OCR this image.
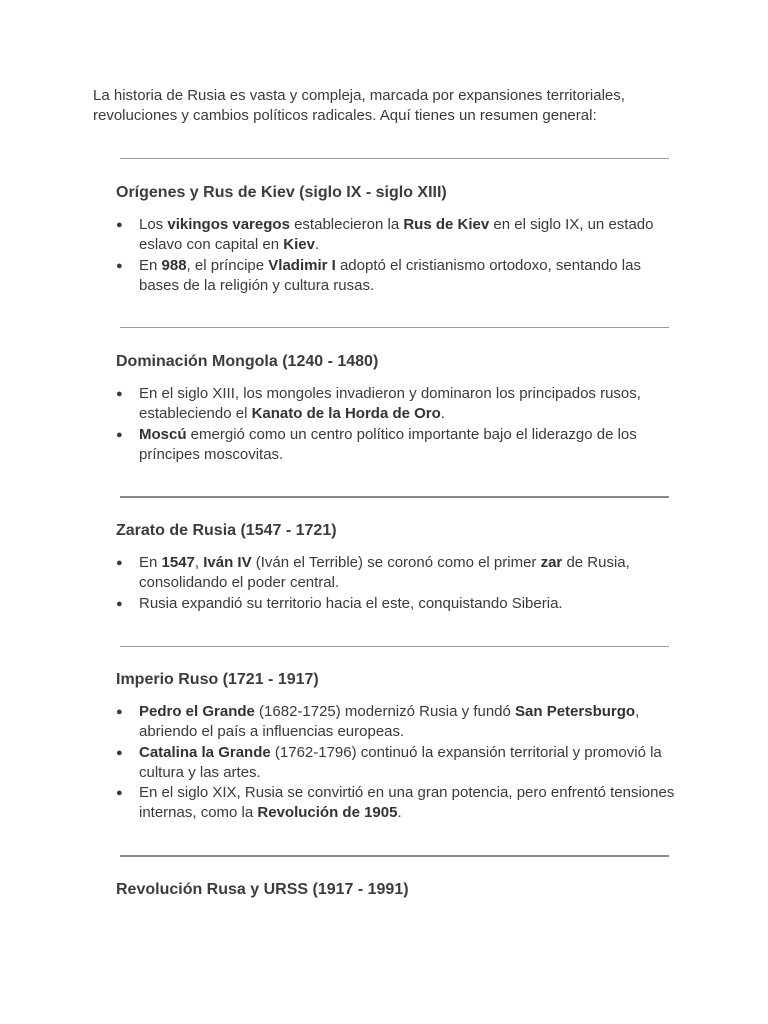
La historia de Rusia es vasta y compleja, marcada por expansiones territoriales, revoluciones y cambios políticos radicales. Aquí tienes un resumen general:

Orígenes y Rus de Kiev (siglo IX - siglo XIII)
● Los vikingos varegos establecieron la Rus de Kiev en el siglo IX, un estado eslavo con capital en Kiev.
● En 988, el príncipe Vladimir I adoptó el cristianismo ortodoxo, sentando las bases de la religión y cultura rusas.
Dominación Mongola (1240 - 1480)
● En el siglo XIII, los mongoles invadieron y dominaron los principados rusos, estableciendo el Kanato de la Horda de Oro.
● Moscú emergió como un centro político importante bajo el liderazgo de los príncipes moscovitas.
Zarato de Rusia (1547 - 1721)
● En 1547, Iván IV (Iván el Terrible) se coronó como el primer zar de Rusia, consolidando el poder central.
● Rusia expandió su territorio hacia el este, conquistando Siberia.
Imperio Ruso (1721 - 1917)
● Pedro el Grande (1682-1725) modernizó Rusia y fundó San Petersburgo, abriendo el país a influencias europeas.
● Catalina la Grande (1762-1796) continuó la expansión territorial y promovió la cultura y las artes.
● En el siglo XIX, Rusia se convirtió en una gran potencia, pero enfrentó tensiones internas, como la Revolución de 1905.
Revolución Rusa y URSS (1917 - 1991)
